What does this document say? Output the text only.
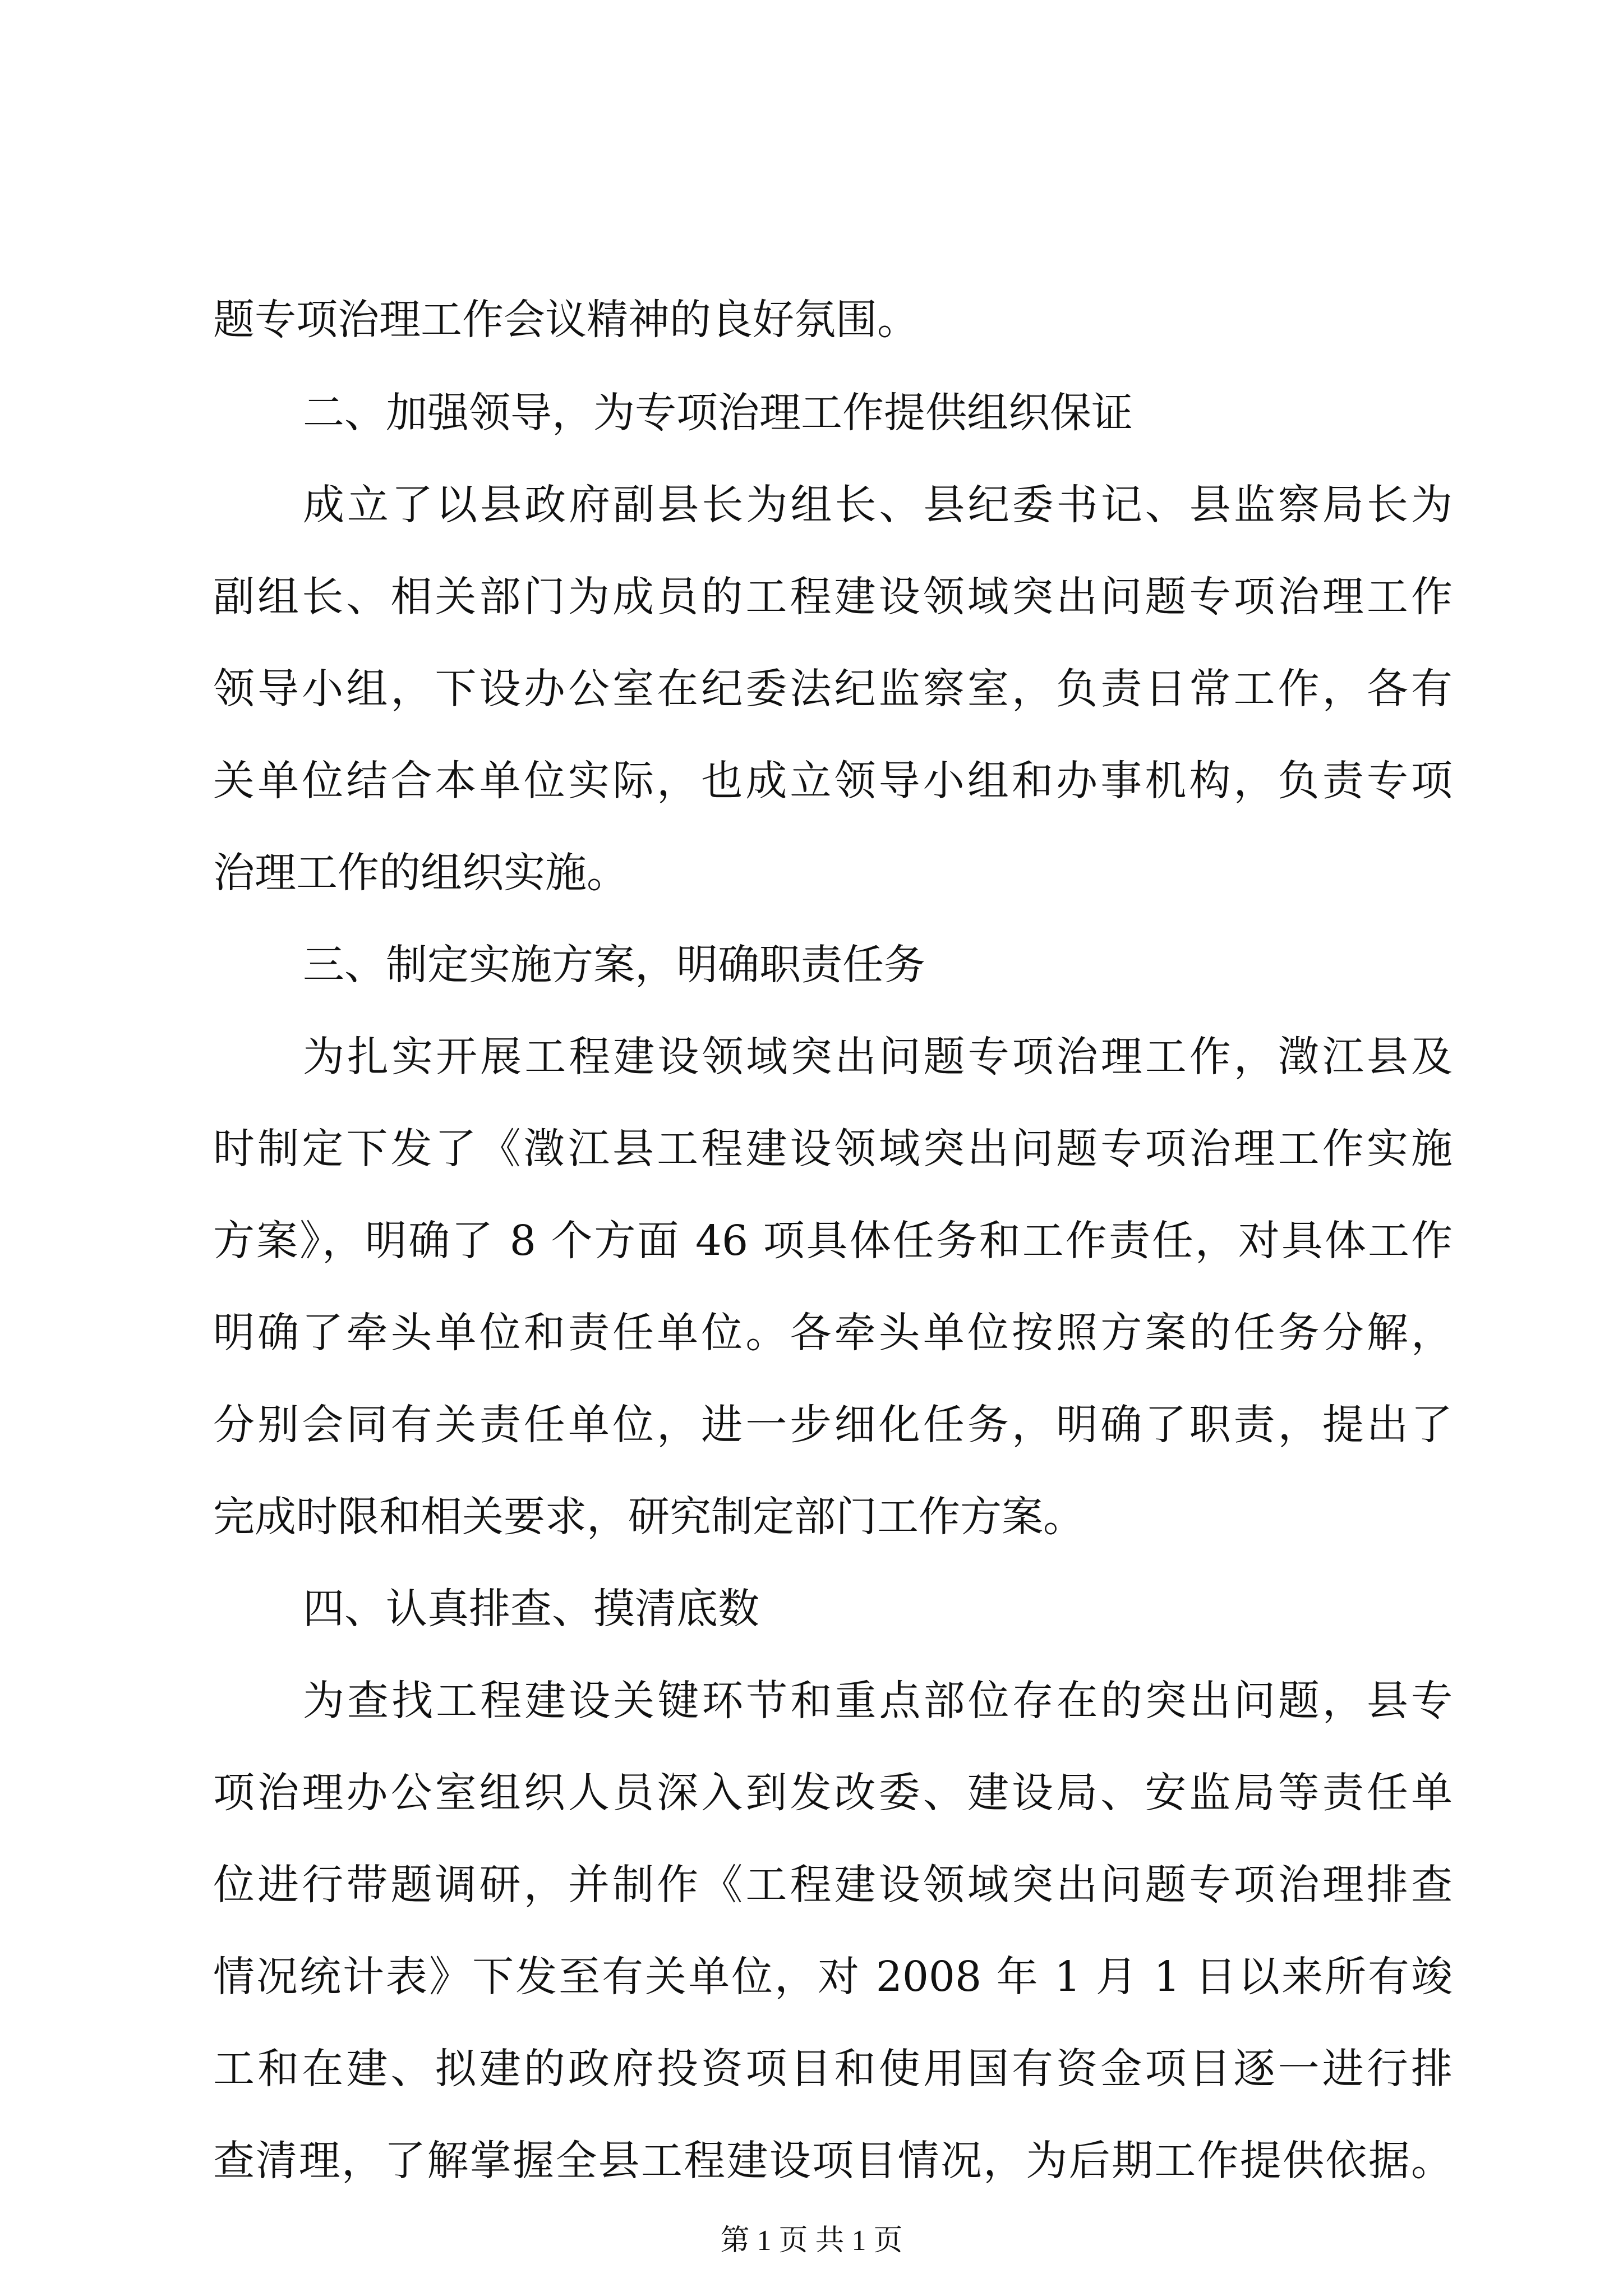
题专项治理工作会议精神的良好氛围。
二、加强领导，为专项治理工作提供组织保证
成立了以县政府副县长为组长、县纪委书记、县监察局长为
副组长、相关部门为成员的工程建设领域突出问题专项治理工作
领导小组，下设办公室在纪委法纪监察室，负责日常工作，各有
关单位结合本单位实际，也成立领导小组和办事机构，负责专项
治理工作的组织实施。
三、制定实施方案，明确职责任务
为扎实开展工程建设领域突出问题专项治理工作，澂江县及
时制定下发了《澂江县工程建设领域突出问题专项治理工作实施
方案》，明确了 8 个方面 46 项具体任务和工作责任，对具体工作
明确了牵头单位和责任单位。各牵头单位按照方案的任务分解，
分别会同有关责任单位，进一步细化任务，明确了职责，提出了
完成时限和相关要求，研究制定部门工作方案。
四、认真排查、摸清底数
为查找工程建设关键环节和重点部位存在的突出问题，县专
项治理办公室组织人员深入到发改委、建设局、安监局等责任单
位进行带题调研，并制作《工程建设领域突出问题专项治理排查
情况统计表》下发至有关单位，对 2008 年 1 月 1 日以来所有竣
工和在建、拟建的政府投资项目和使用国有资金项目逐一进行排
查清理，了解掌握全县工程建设项目情况，为后期工作提供依据。
第 1 页 共 1 页
